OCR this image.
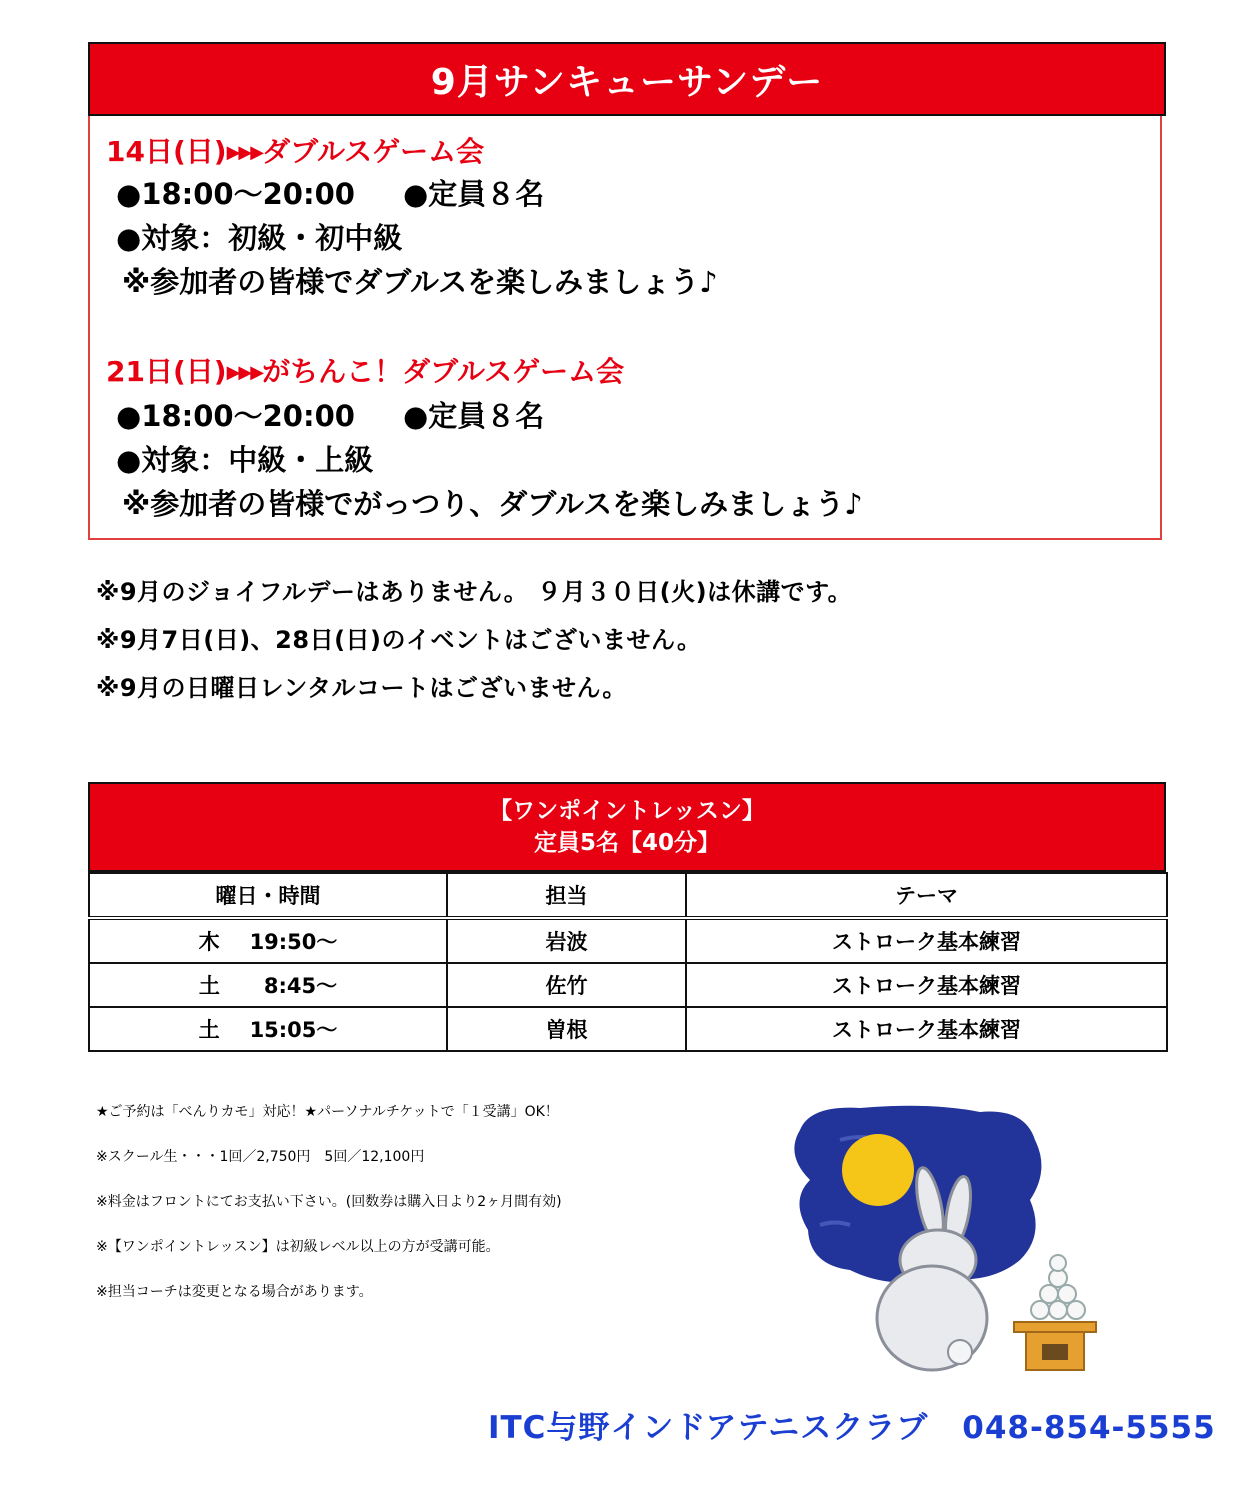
9月サンキューサンデー
14日(日)▶▶▶ダブルスゲーム会
●18:00～20:00 ●定員８名
●対象：初級・初中級
※参加者の皆様でダブルスを楽しみましょう♪
21日(日)▶▶▶がちんこ！ダブルスゲーム会
●18:00～20:00 ●定員８名
●対象：中級・上級
※参加者の皆様でがっつり、ダブルスを楽しみましょう♪
※9月のジョイフルデーはありません。 ９月３０日(火)は休講です。
※9月7日(日)、28日(日)のイベントはございません。
※9月の日曜日レンタルコートはございません。
【ワンポイントレッスン】
定員5名【40分】
曜日・時間	担当	テーマ
木 19:50～	岩波	ストローク基本練習
土 8:45～	佐竹	ストローク基本練習
土 15:05～	曽根	ストローク基本練習
★ご予約は「べんりカモ」対応！★パーソナルチケットで「１受講」OK！
※スクール生・・・1回／2,750円　5回／12,100円
※料金はフロントにてお支払い下さい。(回数券は購入日より2ヶ月間有効)
※【ワンポイントレッスン】は初級レベル以上の方が受講可能。
※担当コーチは変更となる場合があります。
ITC与野インドアテニスクラブ 048-854-5555
